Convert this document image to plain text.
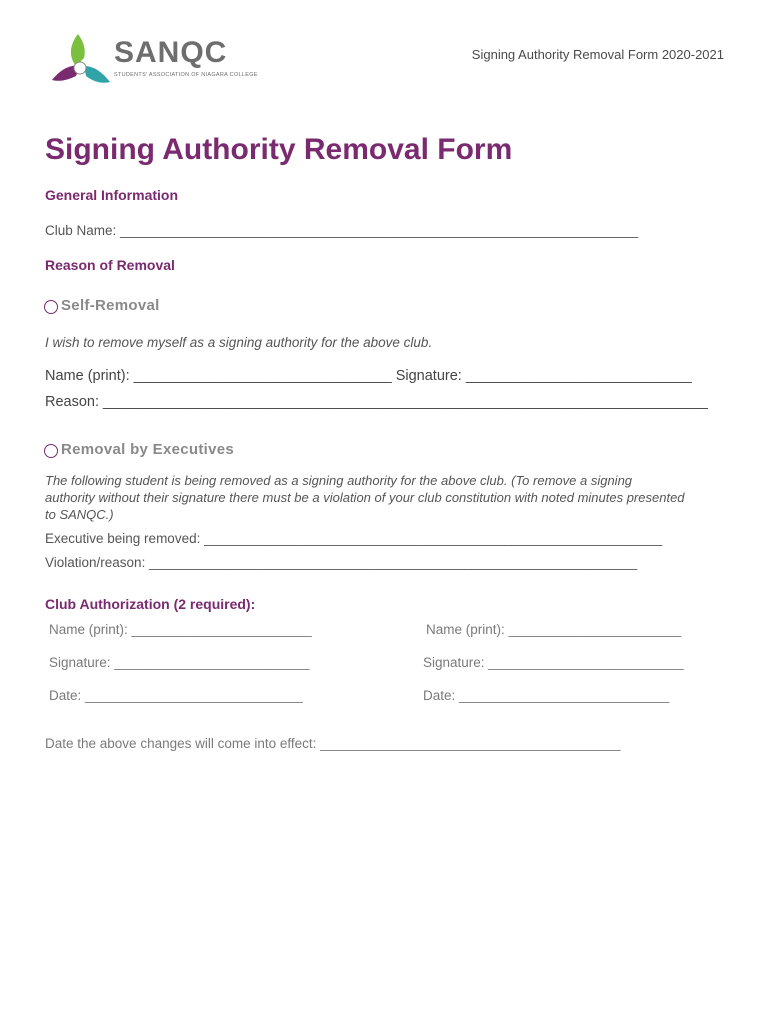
SANQC
STUDENTS' ASSOCIATION OF NIAGARA COLLEGE
Signing Authority Removal Form 2020-2021
Signing Authority Removal Form
General Information
Club Name: _____________________________________________________________________
Reason of Removal
Self-Removal
I wish to remove myself as a signing authority for the above club.
Name (print): ________________________________ Signature: ____________________________
Reason: ___________________________________________________________________________
Removal by Executives
The following student is being removed as a signing authority for the above club. (To remove a signing authority without their signature there must be a violation of your club constitution with noted minutes presented to SANQC.)
Executive being removed: _____________________________________________________________
Violation/reason: _________________________________________________________________
Club Authorization (2 required):
Name (print): ________________________
Signature: __________________________
Date: _____________________________
Name (print): _______________________
Signature: __________________________
Date: ____________________________
Date the above changes will come into effect: ________________________________________
